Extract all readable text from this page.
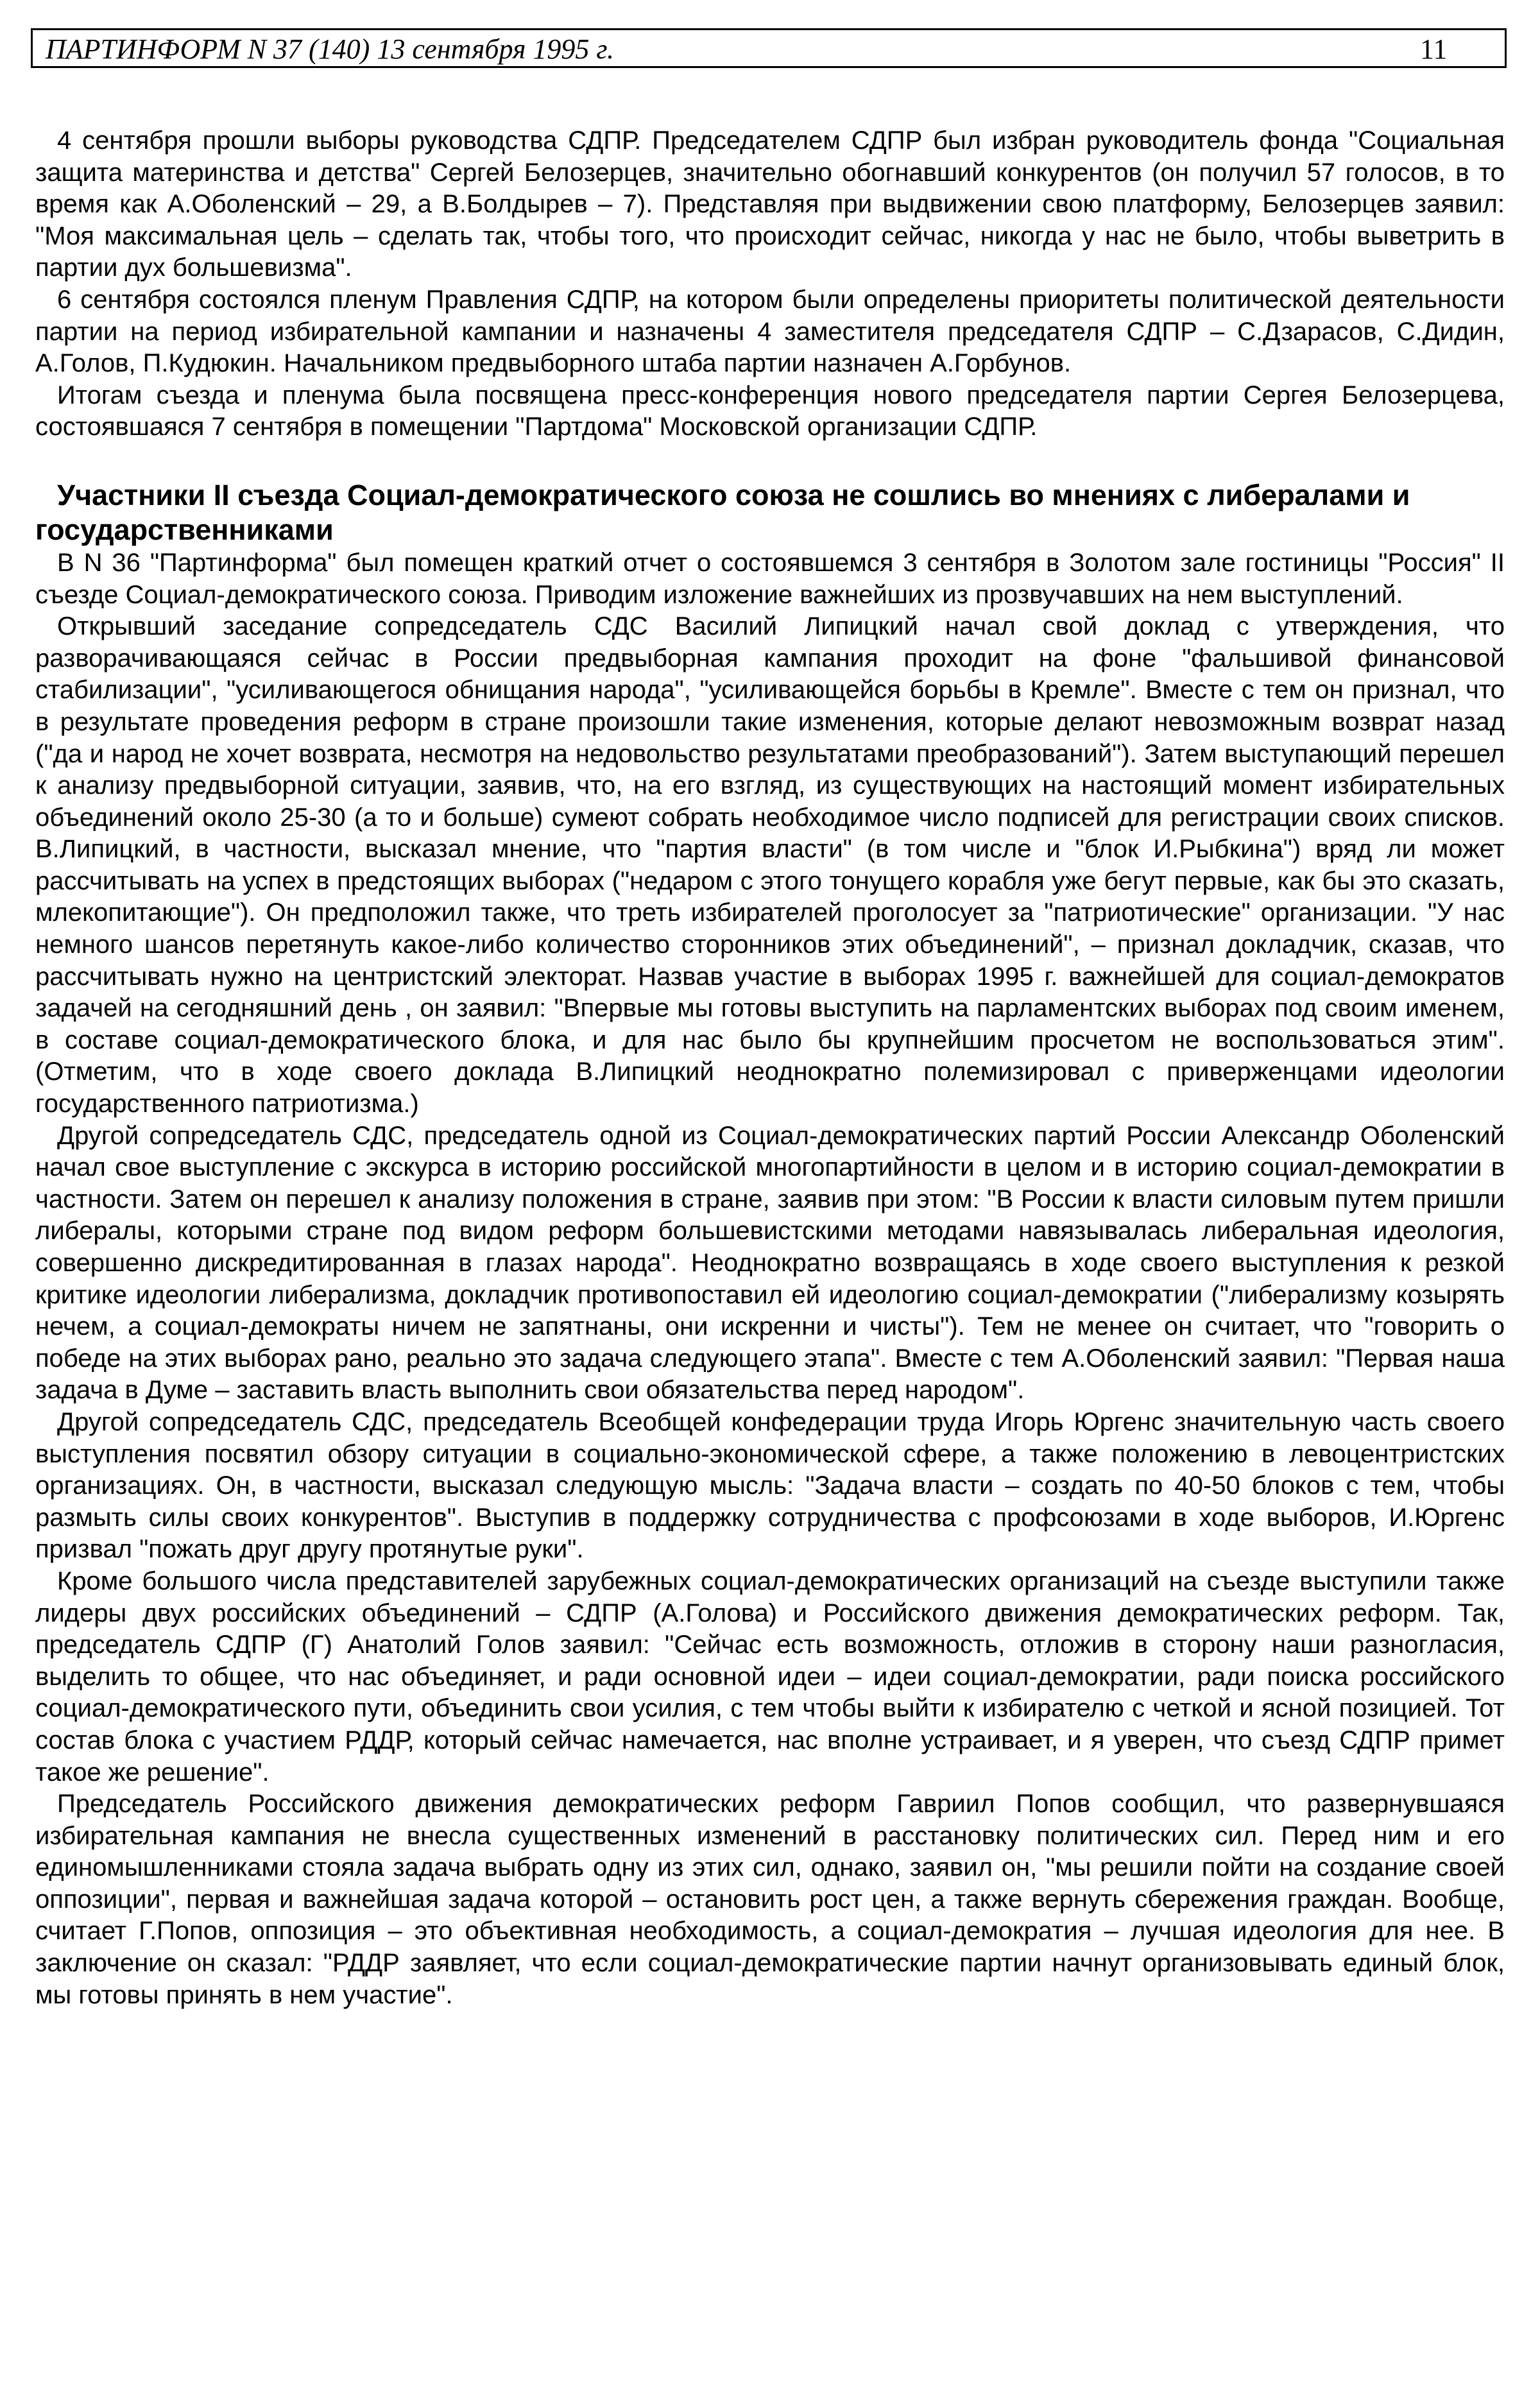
ПАРТИНФОРМ N 37 (140) 13 сентября 1995 г.	11

4 сентября прошли выборы руководства СДПР. Председателем СДПР был избран руководитель фонда "Социальная защита материнства и детства" Сергей Белозерцев, значительно обогнавший конкурентов (он получил 57 голосов, в то время как А.Оболенский – 29, а В.Болдырев – 7). Представляя при выдвижении свою платформу, Белозерцев заявил: "Моя максимальная цель – сделать так, чтобы того, что происходит сейчас, никогда у нас не было, чтобы выветрить в партии дух большевизма".

6 сентября состоялся пленум Правления СДПР, на котором были определены приоритеты политической деятельности партии на период избирательной кампании и назначены 4 заместителя председателя СДПР – С.Дзарасов, С.Дидин, А.Голов, П.Кудюкин. Начальником предвыборного штаба партии назначен А.Горбунов.

Итогам съезда и пленума была посвящена пресс-конференция нового председателя партии Сергея Белозерцева, состоявшаяся 7 сентября в помещении "Партдома" Московской организации СДПР.

Участники II съезда Социал-демократического союза не сошлись во мнениях с либералами и государственниками

В N 36 "Партинформа" был помещен краткий отчет о состоявшемся 3 сентября в Золотом зале гостиницы "Россия" II съезде Социал-демократического союза. Приводим изложение важнейших из прозвучавших на нем выступлений.

Открывший заседание сопредседатель СДС Василий Липицкий начал свой доклад с утверждения, что разворачивающаяся сейчас в России предвыборная кампания проходит на фоне "фальшивой финансовой стабилизации", "усиливающегося обнищания народа", "усиливающейся борьбы в Кремле". Вместе с тем он признал, что в результате проведения реформ в стране произошли такие изменения, которые делают невозможным возврат назад ("да и народ не хочет возврата, несмотря на недовольство результатами преобразований"). Затем выступающий перешел к анализу предвыборной ситуации, заявив, что, на его взгляд, из существующих на настоящий момент избирательных объединений около 25-30 (а то и больше) сумеют собрать необходимое число подписей для регистрации своих списков. В.Липицкий, в частности, высказал мнение, что "партия власти" (в том числе и "блок И.Рыбкина") вряд ли может рассчитывать на успех в предстоящих выборах ("недаром с этого тонущего корабля уже бегут первые, как бы это сказать, млекопитающие"). Он предположил также, что треть избирателей проголосует за "патриотические" организации. "У нас немного шансов перетянуть какое-либо количество сторонников этих объединений", – признал докладчик, сказав, что рассчитывать нужно на центристский электорат. Назвав участие в выборах 1995 г. важнейшей для социал-демократов задачей на сегодняшний день , он заявил: "Впервые мы готовы выступить на парламентских выборах под своим именем, в составе социал-демократического блока, и для нас было бы крупнейшим просчетом не воспользоваться этим". (Отметим, что в ходе своего доклада В.Липицкий неоднократно полемизировал с приверженцами идеологии государственного патриотизма.)

Другой сопредседатель СДС, председатель одной из Социал-демократических партий России Александр Оболенский начал свое выступление с экскурса в историю российской многопартийности в целом и в историю социал-демократии в частности. Затем он перешел к анализу положения в стране, заявив при этом: "В России к власти силовым путем пришли либералы, которыми стране под видом реформ большевистскими методами навязывалась либеральная идеология, совершенно дискредитированная в глазах народа". Неоднократно возвращаясь в ходе своего выступления к резкой критике идеологии либерализма, докладчик противопоставил ей идеологию социал-демократии ("либерализму козырять нечем, а социал-демократы ничем не запятнаны, они искренни и чисты"). Тем не менее он считает, что "говорить о победе на этих выборах рано, реально это задача следующего этапа". Вместе с тем А.Оболенский заявил: "Первая наша задача в Думе – заставить власть выполнить свои обязательства перед народом".

Другой сопредседатель СДС, председатель Всеобщей конфедерации труда Игорь Юргенс значительную часть своего выступления посвятил обзору ситуации в социально-экономической сфере, а также положению в левоцентристских организациях. Он, в частности, высказал следующую мысль: "Задача власти – создать по 40-50 блоков с тем, чтобы размыть силы своих конкурентов". Выступив в поддержку сотрудничества с профсоюзами в ходе выборов, И.Юргенс призвал "пожать друг другу протянутые руки".

Кроме большого числа представителей зарубежных социал-демократических организаций на съезде выступили также лидеры двух российских объединений – СДПР (А.Голова) и Российского движения демократических реформ. Так, председатель СДПР (Г) Анатолий Голов заявил: "Сейчас есть возможность, отложив в сторону наши разногласия, выделить то общее, что нас объединяет, и ради основной идеи – идеи социал-демократии, ради поиска российского социал-демократического пути, объединить свои усилия, с тем чтобы выйти к избирателю с четкой и ясной позицией. Тот состав блока с участием РДДР, который сейчас намечается, нас вполне устраивает, и я уверен, что съезд СДПР примет такое же решение".

Председатель Российского движения демократических реформ Гавриил Попов сообщил, что развернувшаяся избирательная кампания не внесла существенных изменений в расстановку политических сил. Перед ним и его единомышленниками стояла задача выбрать одну из этих сил, однако, заявил он, "мы решили пойти на создание своей оппозиции", первая и важнейшая задача которой – остановить рост цен, а также вернуть сбережения граждан. Вообще, считает Г.Попов, оппозиция – это объективная необходимость, а социал-демократия – лучшая идеология для нее. В заключение он сказал: "РДДР заявляет, что если социал-демократические партии начнут организовывать единый блок, мы готовы принять в нем участие".
